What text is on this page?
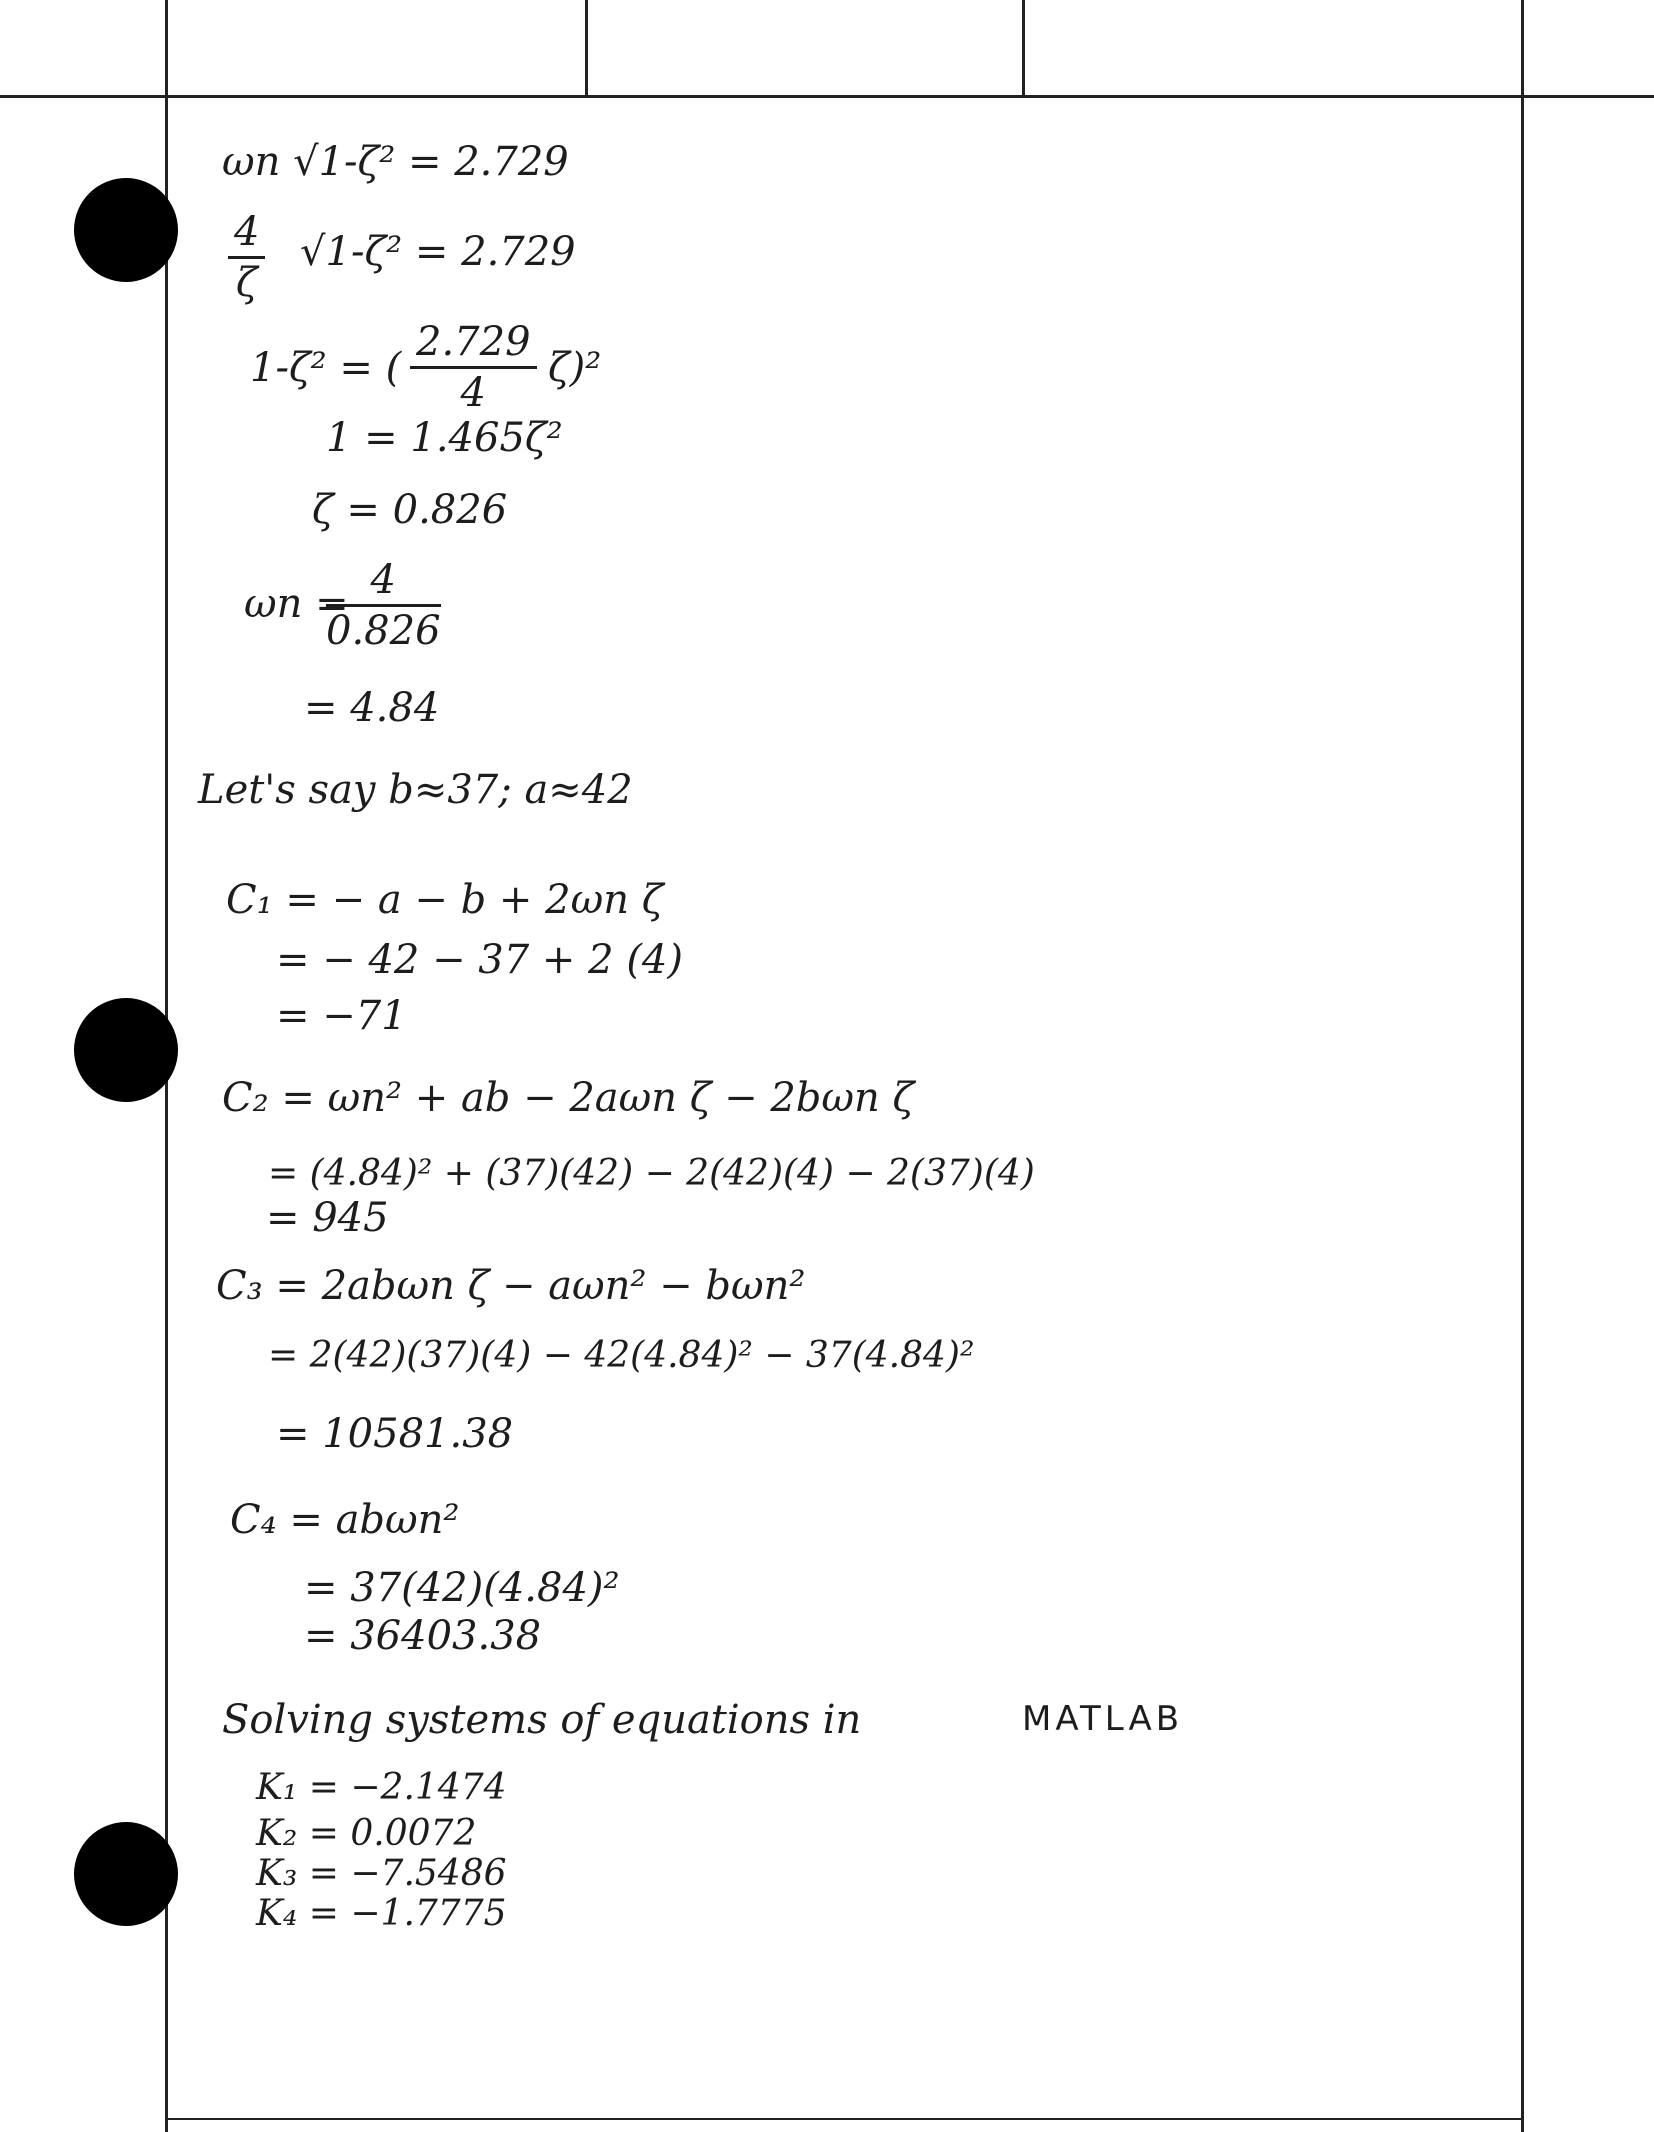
ωn √1-ζ² = 2.729
$\frac{4}{\zeta} √1-\zeta^2 = 2.729$
1-ζ² = ( $\frac{2.729}{4} \zeta)^2$
1 = 1.465ζ²
ζ = 0.826
ωn =
$\frac{4}{0.826}$
= 4.84
Let's say b≈37; a≈42
C₁ = − a − b + 2ωn ζ
= − 42 − 37 + 2 (4)
= −71
C₂ = ωn² + ab − 2aωn ζ − 2bωn ζ
= (4.84)² + (37)(42) − 2(42)(4) − 2(37)(4)
= 945
C₃ = 2abωn ζ − aωn² − bωn²
= 2(42)(37)(4) − 42(4.84)² − 37(4.84)²
= 10581.38
C₄ = abωn²
= 37(42)(4.84)²
= 36403.38
Solving systems of equations in	MATLAB
K₁ = −2.1474
K₂ = 0.0072
K₃ = −7.5486
K₄ = −1.7775
